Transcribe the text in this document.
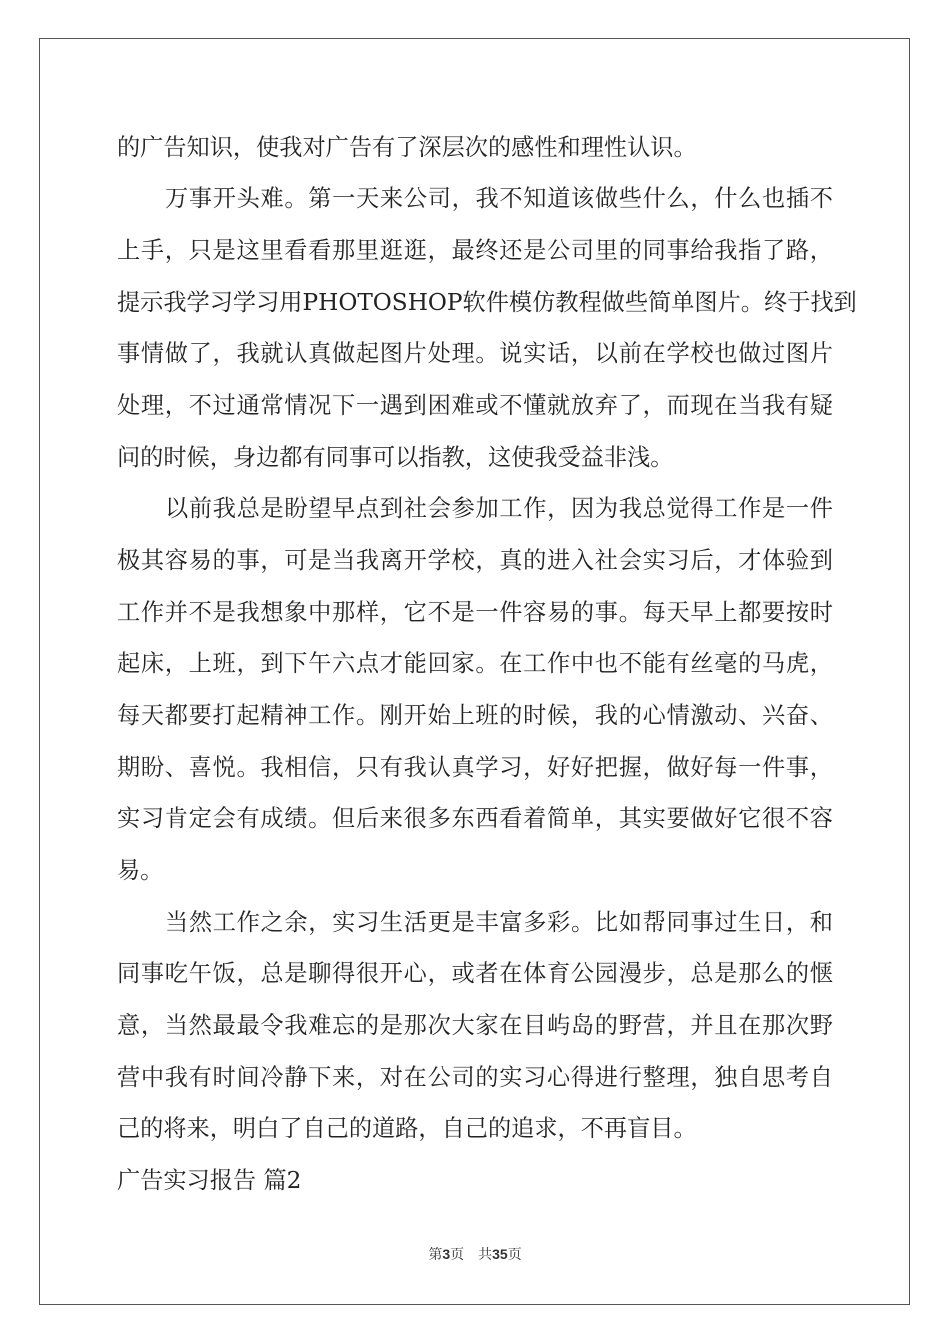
的广告知识，使我对广告有了深层次的感性和理性认识。
万事开头难。第一天来公司，我不知道该做些什么，什么也插不
上手，只是这里看看那里逛逛，最终还是公司里的同事给我指了路，
提示我学习学习用PHOTOSHOP软件模仿教程做些简单图片。终于找到
事情做了，我就认真做起图片处理。说实话，以前在学校也做过图片
处理，不过通常情况下一遇到困难或不懂就放弃了，而现在当我有疑
问的时候，身边都有同事可以指教，这使我受益非浅。
以前我总是盼望早点到社会参加工作，因为我总觉得工作是一件
极其容易的事，可是当我离开学校，真的进入社会实习后，才体验到
工作并不是我想象中那样，它不是一件容易的事。每天早上都要按时
起床，上班，到下午六点才能回家。在工作中也不能有丝毫的马虎，
每天都要打起精神工作。刚开始上班的时候，我的心情激动、兴奋、
期盼、喜悦。我相信，只有我认真学习，好好把握，做好每一件事，
实习肯定会有成绩。但后来很多东西看着简单，其实要做好它很不容
易。
当然工作之余，实习生活更是丰富多彩。比如帮同事过生日，和
同事吃午饭，总是聊得很开心，或者在体育公园漫步，总是那么的惬
意，当然最最令我难忘的是那次大家在目屿岛的野营，并且在那次野
营中我有时间冷静下来，对在公司的实习心得进行整理，独自思考自
己的将来，明白了自己的道路，自己的追求，不再盲目。
广告实习报告 篇2
第3页　 共35页
